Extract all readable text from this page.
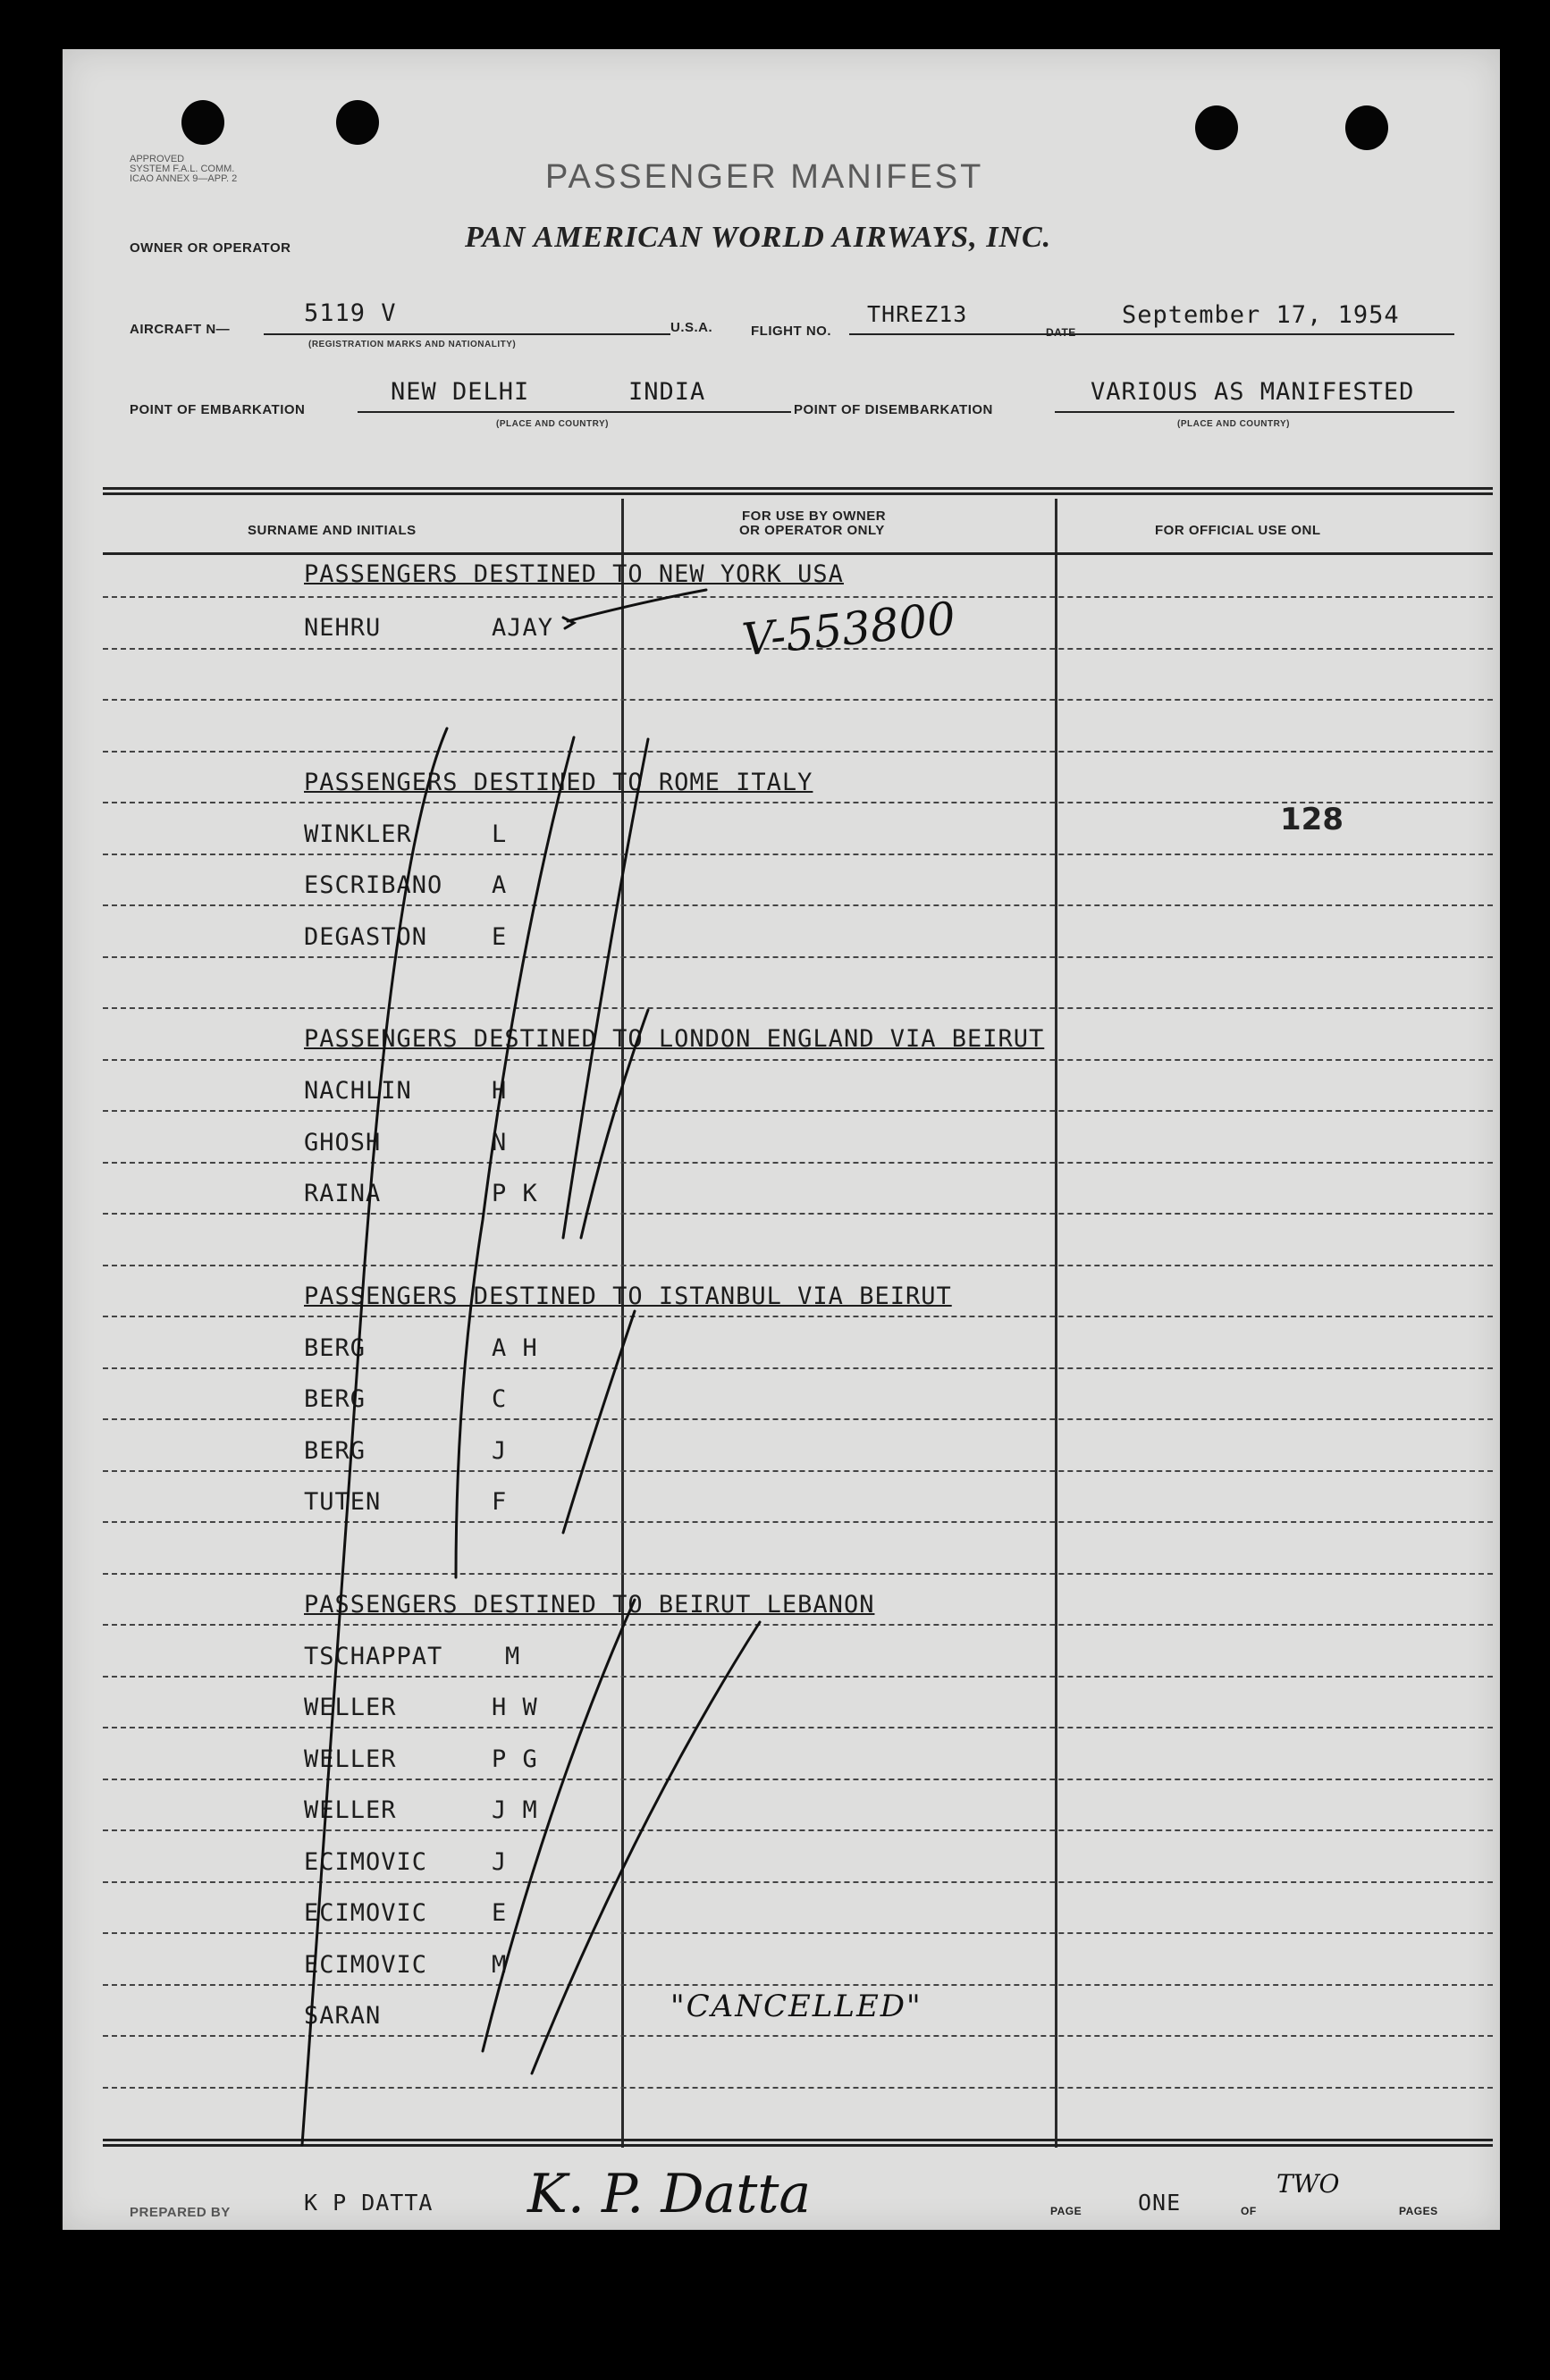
APPROVED
SYSTEM F.A.L. COMM.
ICAO ANNEX 9—APP. 2	PASSENGER MANIFEST
OWNER OR OPERATOR	PAN AMERICAN WORLD AIRWAYS, INC.
AIRCRAFT N—
5119 V
(REGISTRATION MARKS AND NATIONALITY)
U.S.A.	FLIGHT NO.
THREZ13
DATE
September 17, 1954
POINT OF EMBARKATION
NEW DELHI	INDIA
(PLACE AND COUNTRY)
POINT OF DISEMBARKATION
VARIOUS AS MANIFESTED
(PLACE AND COUNTRY)
SURNAME AND INITIALS
FOR USE BY OWNER
OR OPERATOR ONLY	FOR OFFICIAL USE ONL
PASSENGERS DESTINED TO NEW YORK USA
NEHRU	AJAY	V-553800
PASSENGERS DESTINED TO ROME ITALY
128
WINKLER	L
ESCRIBANO A
DEGASTON	E
PASSENGERS DESTINED TO LONDON ENGLAND VIA BEIRUT
NACHLIN	H
GHOSH	N
RAINA	P K
PASSENGERS DESTINED TO ISTANBUL VIA BEIRUT
BERG	A H
BERG	C
BERG	J
TUTEN	F
PASSENGERS DESTINED TO BEIRUT LEBANON
TSCHAPPAT	M
WELLER	H W
WELLER	P G
WELLER	J M
ECIMOVIC	J
ECIMOVIC	E
ECIMOVIC	M
SARAN	"CANCELLED"
PREPARED BY	K P DATTA K. P. Datta	PAGE	ONE	OF
TWO
PAGES
